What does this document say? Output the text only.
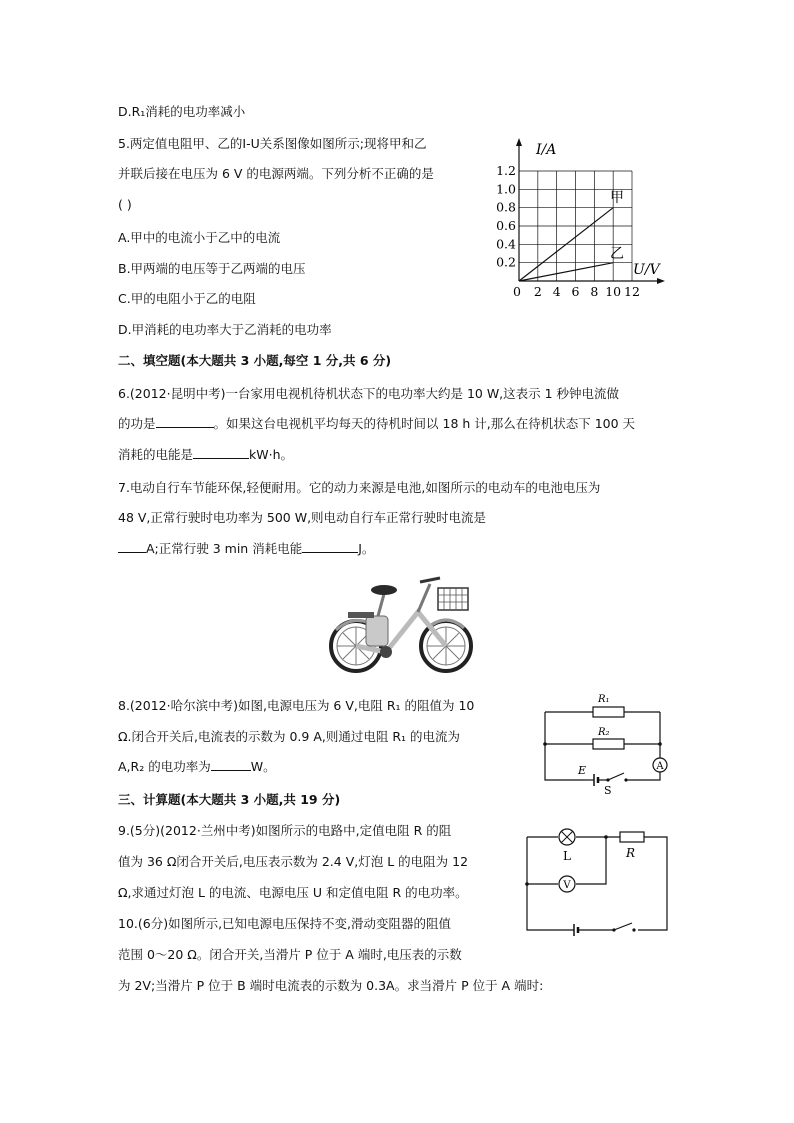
D.R₁消耗的电功率减小
5.两定值电阻甲、乙的I-U关系图像如图所示;现将甲和乙
并联后接在电压为 6 V 的电源两端。下列分析不正确的是
( )
A.甲中的电流小于乙中的电流
B.甲两端的电压等于乙两端的电压
C.甲的电阻小于乙的电阻
D.甲消耗的电功率大于乙消耗的电功率
I/A
U/V
1.2
1.0
0.8
0.6
0.4
0.2
0 2 4 6 8 10 12
甲
乙
二、填空题(本大题共 3 小题,每空 1 分,共 6 分)
6.(2012·昆明中考)一台家用电视机待机状态下的电功率大约是 10 W,这表示 1 秒钟电流做
的功是	。如果这台电视机平均每天的待机时间以 18 h 计,那么在待机状态下 100 天
消耗的电能是	kW·h。
7.电动自行车节能环保,轻便耐用。它的动力来源是电池,如图所示的电动车的电池电压为
48 V,正常行驶时电功率为 500 W,则电动自行车正常行驶时电流是
A;正常行驶 3 min 消耗电能	J。
8.(2012·哈尔滨中考)如图,电源电压为 6 V,电阻 R₁ 的阻值为 10
Ω.闭合开关后,电流表的示数为 0.9 A,则通过电阻 R₁ 的电流为
A,R₂ 的电功率为	W。	A
R₁
R₂
E
S
三、计算题(本大题共 3 小题,共 19 分)
9.(5分)(2012·兰州中考)如图所示的电路中,定值电阻 R 的阻
值为 36 Ω闭合开关后,电压表示数为 2.4 V,灯泡 L 的电阻为 12
Ω,求通过灯泡 L 的电流、电源电压 U 和定值电阻 R 的电功率。	V
L	R
10.(6分)如图所示,已知电源电压保持不变,滑动变阻器的阻值
范围 0～20 Ω。闭合开关,当滑片 P 位于 A 端时,电压表的示数
为 2V;当滑片 P 位于 B 端时电流表的示数为 0.3A。求当滑片 P 位于 A 端时:
